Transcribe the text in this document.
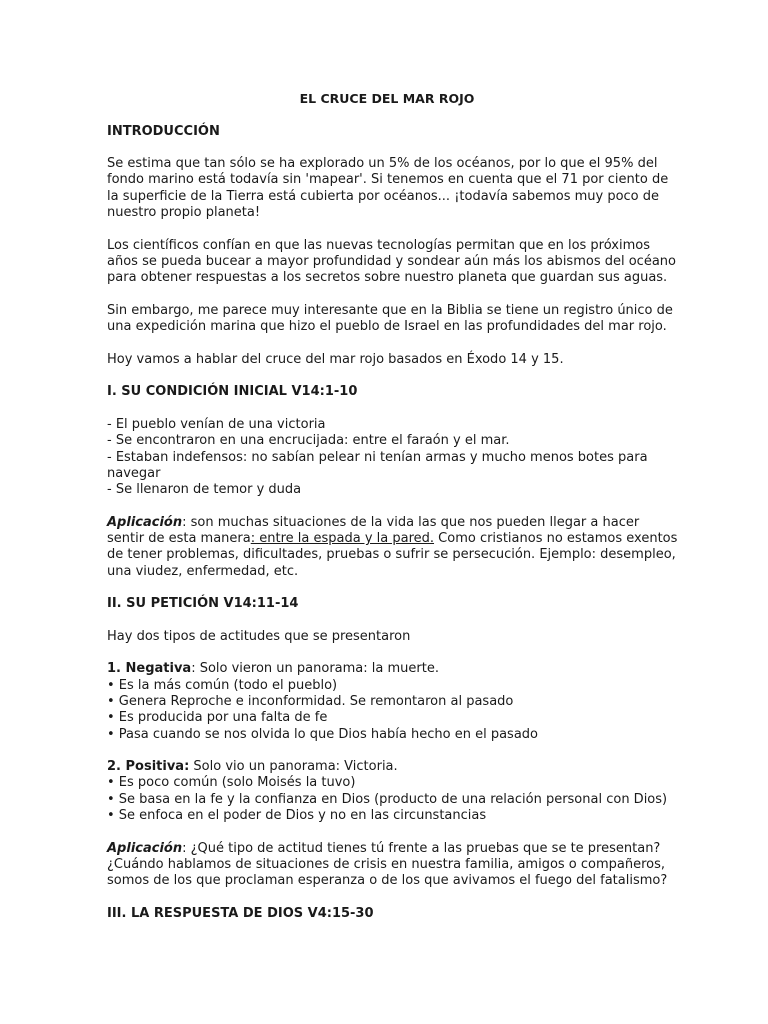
EL CRUCE DEL MAR ROJO
INTRODUCCIÓN
Se estima que tan sólo se ha explorado un 5% de los océanos, por lo que el 95% del
fondo marino está todavía sin 'mapear'. Si tenemos en cuenta que el 71 por ciento de
la superficie de la Tierra está cubierta por océanos... ¡todavía sabemos muy poco de
nuestro propio planeta!
Los científicos confían en que las nuevas tecnologías permitan que en los próximos
años se pueda bucear a mayor profundidad y sondear aún más los abismos del océano
para obtener respuestas a los secretos sobre nuestro planeta que guardan sus aguas.
Sin embargo, me parece muy interesante que en la Biblia se tiene un registro único de
una expedición marina que hizo el pueblo de Israel en las profundidades del mar rojo.
Hoy vamos a hablar del cruce del mar rojo basados en Éxodo 14 y 15.
I. SU CONDICIÓN INICIAL V14:1-10
- El pueblo venían de una victoria
- Se encontraron en una encrucijada: entre el faraón y el mar.
- Estaban indefensos: no sabían pelear ni tenían armas y mucho menos botes para
navegar
- Se llenaron de temor y duda
Aplicación: son muchas situaciones de la vida las que nos pueden llegar a hacer
sentir de esta manera: entre la espada y la pared. Como cristianos no estamos exentos
de tener problemas, dificultades, pruebas o sufrir se persecución. Ejemplo: desempleo,
una viudez, enfermedad, etc.
II. SU PETICIÓN V14:11-14
Hay dos tipos de actitudes que se presentaron
1. Negativa: Solo vieron un panorama: la muerte.
• Es la más común (todo el pueblo)
• Genera Reproche e inconformidad. Se remontaron al pasado
• Es producida por una falta de fe
• Pasa cuando se nos olvida lo que Dios había hecho en el pasado
2. Positiva: Solo vio un panorama: Victoria.
• Es poco común (solo Moisés la tuvo)
• Se basa en la fe y la confianza en Dios (producto de una relación personal con Dios)
• Se enfoca en el poder de Dios y no en las circunstancias
Aplicación: ¿Qué tipo de actitud tienes tú frente a las pruebas que se te presentan?
¿Cuándo hablamos de situaciones de crisis en nuestra familia, amigos o compañeros,
somos de los que proclaman esperanza o de los que avivamos el fuego del fatalismo?
III. LA RESPUESTA DE DIOS V4:15-30
